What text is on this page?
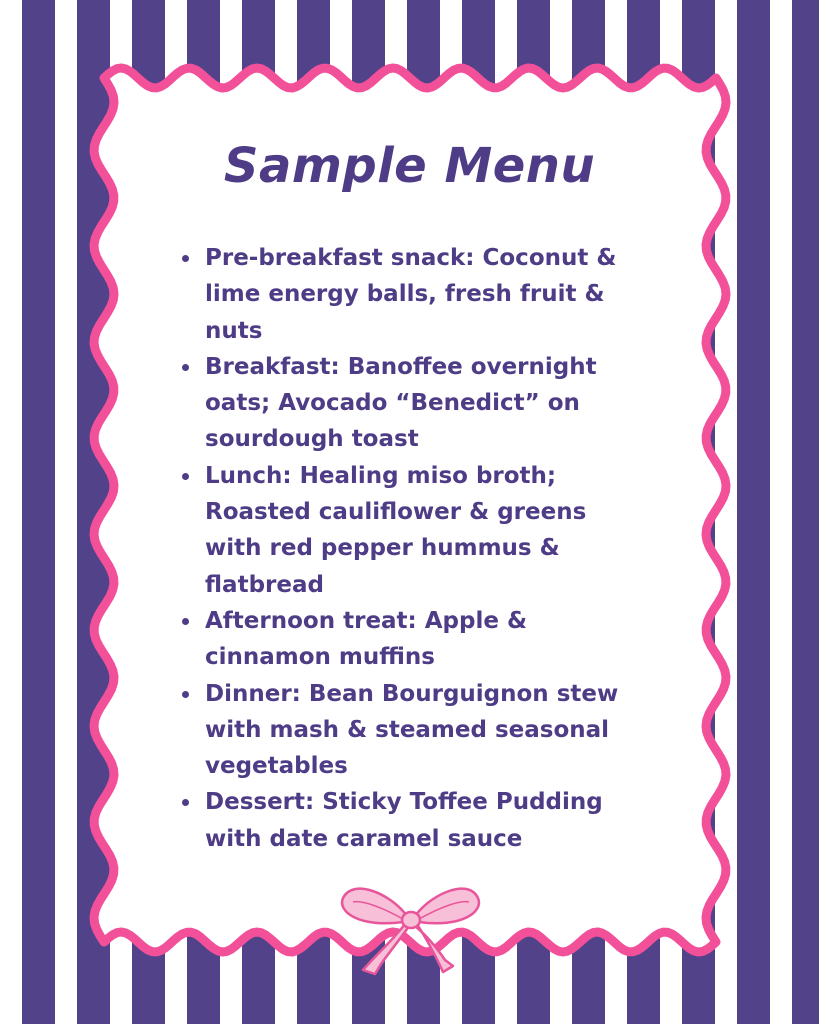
Sample Menu
Pre-breakfast snack: Coconut & lime energy balls, fresh fruit & nuts
Breakfast: Banoffee overnight oats; Avocado “Benedict” on sourdough toast
Lunch: Healing miso broth; Roasted cauliflower & greens with red pepper hummus & flatbread
Afternoon treat: Apple & cinnamon muffins
Dinner: Bean Bourguignon stew with mash & steamed seasonal vegetables
Dessert: Sticky Toffee Pudding with date caramel sauce
